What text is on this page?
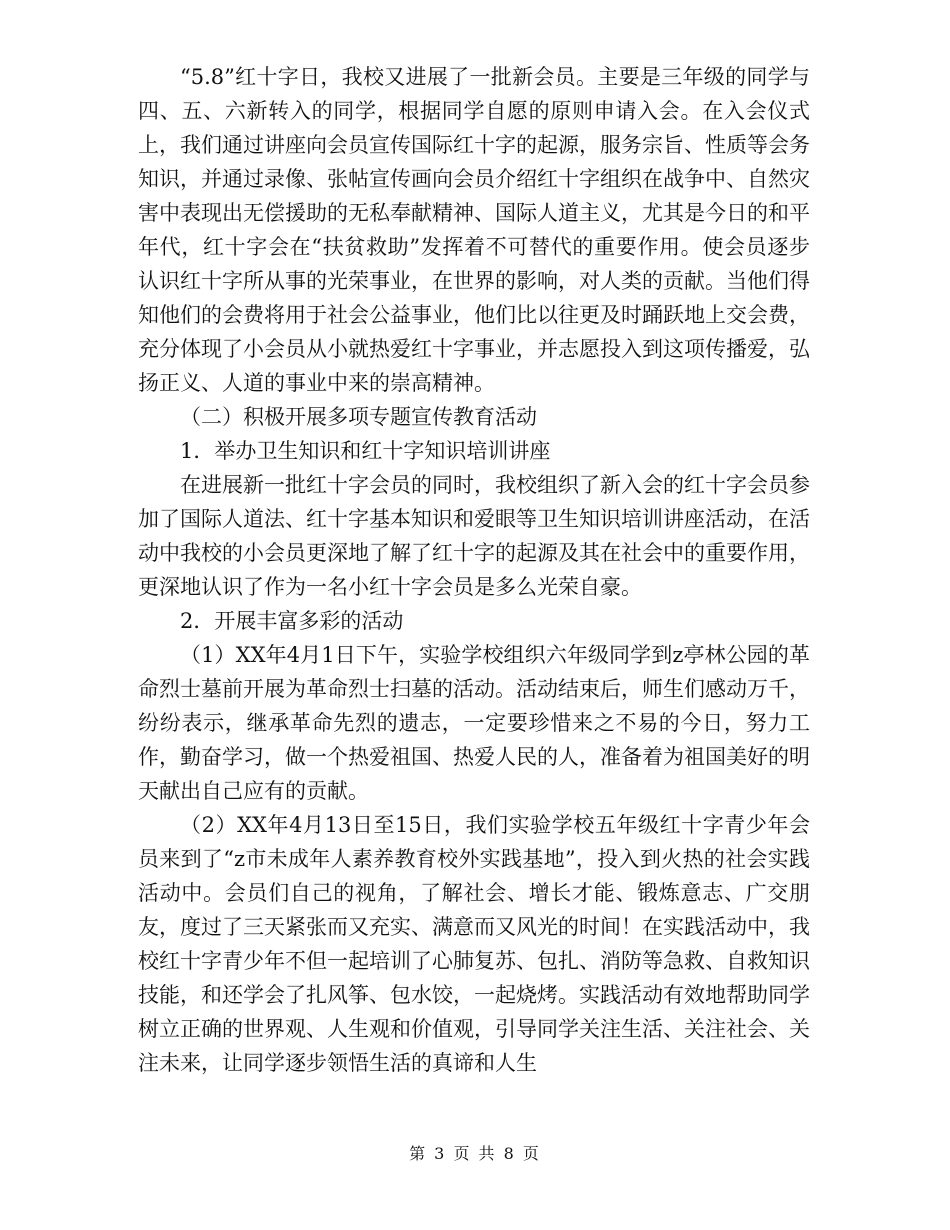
“5.8”红十字日，我校又进展了一批新会员。主要是三年级的同学与四、五、六新转入的同学，根据同学自愿的原则申请入会。在入会仪式上，我们通过讲座向会员宣传国际红十字的起源，服务宗旨、性质等会务知识，并通过录像、张帖宣传画向会员介绍红十字组织在战争中、自然灾害中表现出无偿援助的无私奉献精神、国际人道主义，尤其是今日的和平年代，红十字会在“扶贫救助”发挥着不可替代的重要作用。使会员逐步认识红十字所从事的光荣事业，在世界的影响，对人类的贡献。当他们得知他们的会费将用于社会公益事业，他们比以往更及时踊跃地上交会费，充分体现了小会员从小就热爱红十字事业，并志愿投入到这项传播爱，弘扬正义、人道的事业中来的崇高精神。

（二）积极开展多项专题宣传教育活动

1．举办卫生知识和红十字知识培训讲座

在进展新一批红十字会员的同时，我校组织了新入会的红十字会员参加了国际人道法、红十字基本知识和爱眼等卫生知识培训讲座活动，在活动中我校的小会员更深地了解了红十字的起源及其在社会中的重要作用，更深地认识了作为一名小红十字会员是多么光荣自豪。

2．开展丰富多彩的活动

（1）XX年4月1日下午，实验学校组织六年级同学到z亭林公园的革命烈士墓前开展为革命烈士扫墓的活动。活动结束后，师生们感动万千，纷纷表示，继承革命先烈的遗志，一定要珍惜来之不易的今日，努力工作，勤奋学习，做一个热爱祖国、热爱人民的人，准备着为祖国美好的明天献出自己应有的贡献。

（2）XX年4月13日至15日，我们实验学校五年级红十字青少年会员来到了“z市未成年人素养教育校外实践基地”，投入到火热的社会实践活动中。会员们自己的视角，了解社会、增长才能、锻炼意志、广交朋友，度过了三天紧张而又充实、满意而又风光的时间！在实践活动中，我校红十字青少年不但一起培训了心肺复苏、包扎、消防等急救、自救知识技能，和还学会了扎风筝、包水饺，一起烧烤。实践活动有效地帮助同学树立正确的世界观、人生观和价值观，引导同学关注生活、关注社会、关注未来，让同学逐步领悟生活的真谛和人生

第 3 页 共 8 页
